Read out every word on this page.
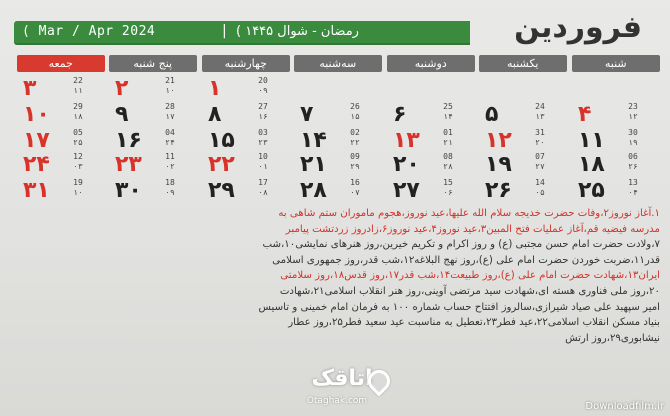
فروردین
( Mar / Apr 2024	| رمضان - شوال ۱۴۴۵ )
شنبه
یکشنبه
دوشنبه
سه‌شنبه
چهارشنبه
پنج شنبه
جمعه
20
۰۹
۱
21
۱۰
۲
22
۱۱
۳
23
۱۲
۴
24
۱۳
۵
25
۱۴
۶
26
۱۵
۷
27
۱۶
۸
28
۱۷
۹
29
۱۸
۱۰
30
۱۹
۱۱
31
۲۰
۱۲
01
۲۱
۱۳
02
۲۲
۱۴
03
۲۳
۱۵
04
۲۴
۱۶
05
۲۵
۱۷
06
۲۶
۱۸
07
۲۷
۱۹
08
۲۸
۲۰
09
۲۹
۲۱
10
۰۱
۲۲
11
۰۲
۲۳
12
۰۳
۲۴
13
۰۴
۲۵
14
۰۵
۲۶
15
۰۶
۲۷
16
۰۷
۲۸
17
۰۸
۲۹
18
۰۹
۳۰
19
۱۰
۳۱

۱.آغاز نوروز۲،وفات حضرت خدیجه سلام الله علیها،عید نوروز،هجوم ماموران ستم شاهی به

مدرسه فیضیه قم،آغاز عملیات فتح المبین۳،عید نوروز۴،عید نوروز۶،زادروز زردتشت پیامبر

۷،ولادت حضرت امام حسن مجتبی (ع) و روز اکرام و تکریم خیرین،روز هنرهای نمایشی۱۰،شب

قدر۱۱،ضربت خوردن حضرت امام علی (ع)،روز نهج البلاغه۱۲،شب قدر،روز جمهوری اسلامی

ایران۱۳،شهادت حضرت امام علی (ع)،روز طبیعت۱۴،شب قدر۱۷،روز قدس۱۸،روز سلامتی

۲۰،روز ملی فناوری هسته ای،شهادت سید مرتضی آوینی،روز هنر انقلاب اسلامی۲۱،شهادت

امیر سپهبد علی صیاد شیرازی،سالروز افتتاح حساب شماره ۱۰۰ به فرمان امام خمینی و تاسیس

بنیاد مسکن انقلاب اسلامی۲۲،عید فطر۲۳،تعطیل به مناسبت عید سعید فطر۲۵،روز عطار

نیشابوری۲۹،روز ارتش

اتاقک
Otaghak.com	Downloadfilm.ir
